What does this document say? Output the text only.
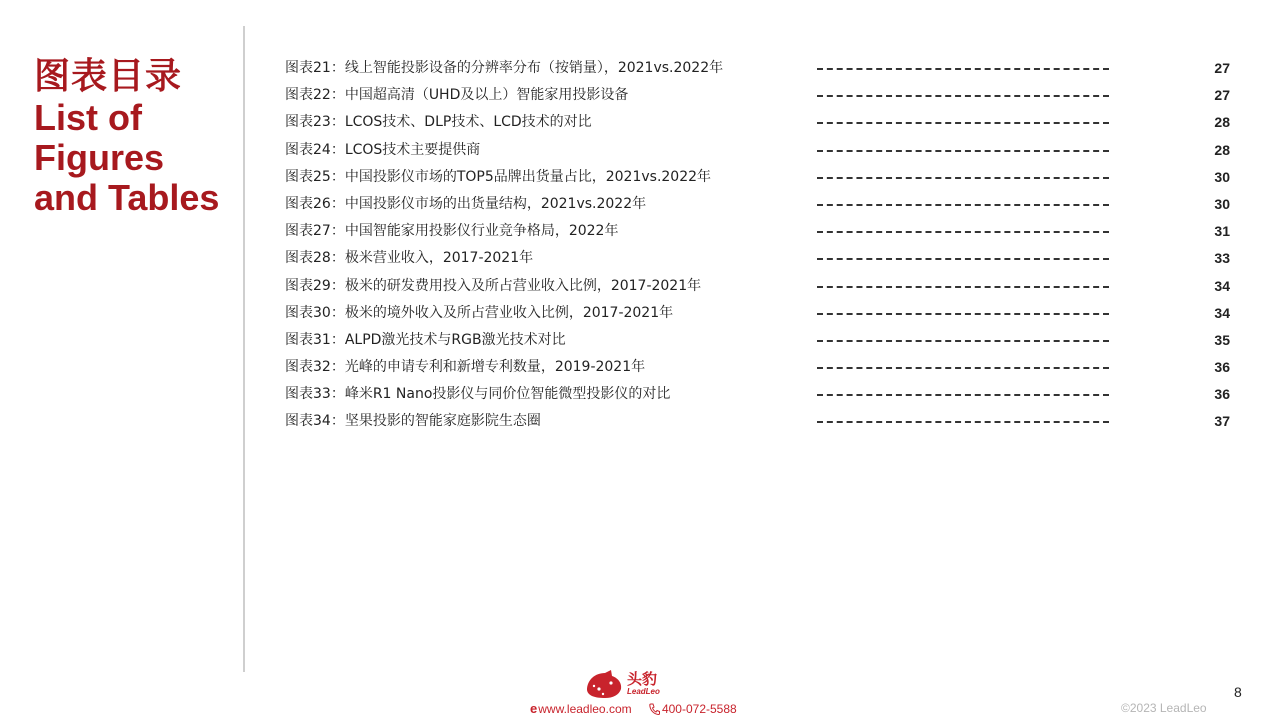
图表目录
List of
Figures
and Tables
图表21：线上智能投影设备的分辨率分布（按销量），2021vs.2022年	27
图表22：中国超高清（UHD及以上）智能家用投影设备	27
图表23：LCOS技术、DLP技术、LCD技术的对比	28
图表24：LCOS技术主要提供商	28
图表25：中国投影仪市场的TOP5品牌出货量占比，2021vs.2022年	30
图表26：中国投影仪市场的出货量结构，2021vs.2022年	30
图表27：中国智能家用投影仪行业竞争格局，2022年	31
图表28：极米营业收入，2017-2021年	33
图表29：极米的研发费用投入及所占营业收入比例，2017-2021年	34
图表30：极米的境外收入及所占营业收入比例，2017-2021年	34
图表31：ALPD激光技术与RGB激光技术对比	35
图表32：光峰的申请专利和新增专利数量，2019-2021年	36
图表33：峰米R1 Nano投影仪与同价位智能微型投影仪的对比	36
图表34：坚果投影的智能家庭影院生态圈	37
头豹
LeadLeo
ewww.leadleo.com	400-072-5588	©2023 LeadLeo
8
